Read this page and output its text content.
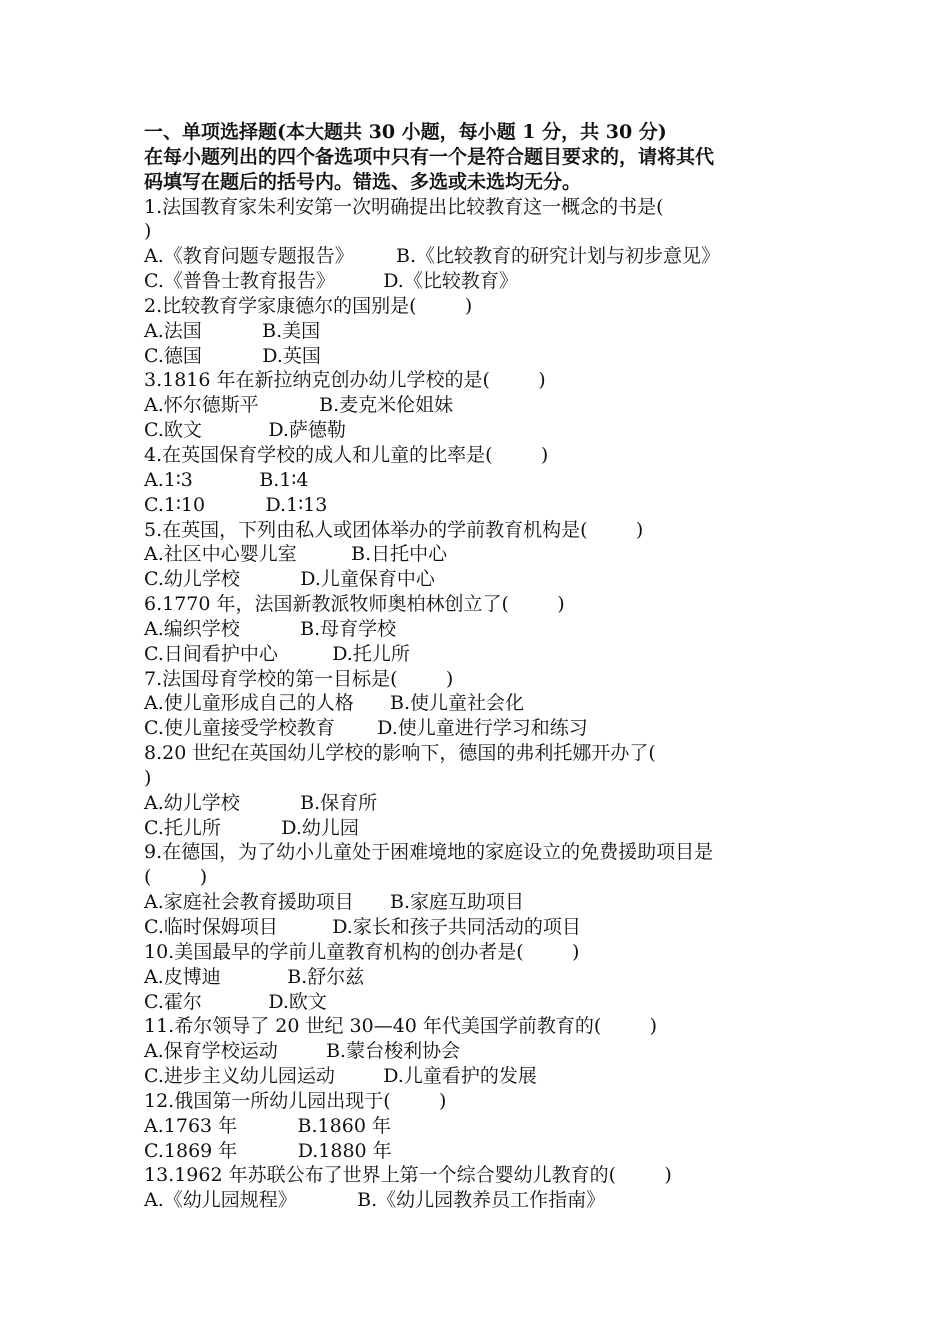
一、单项选择题(本大题共 30 小题，每小题 1 分，共 30 分)
在每小题列出的四个备选项中只有一个是符合题目要求的，请将其代
码填写在题后的括号内。错选、多选或未选均无分。
1.法国教育家朱利安第一次明确提出比较教育这一概念的书是(
)
A.《教育问题专题报告》       B.《比较教育的研究计划与初步意见》
C.《普鲁士教育报告》        D.《比较教育》
2.比较教育学家康德尔的国别是(        )
A.法国          B.美国
C.德国          D.英国
3.1816 年在新拉纳克创办幼儿学校的是(        )
A.怀尔德斯平          B.麦克米伦姐妹
C.欧文           D.萨德勒
4.在英国保育学校的成人和儿童的比率是(        )
A.1∶3           B.1∶4
C.1∶10          D.1∶13
5.在英国，下列由私人或团体举办的学前教育机构是(        )
A.社区中心婴儿室         B.日托中心
C.幼儿学校          D.儿童保育中心
6.1770 年，法国新教派牧师奥柏林创立了(        )
A.编织学校          B.母育学校
C.日间看护中心         D.托儿所
7.法国母育学校的第一目标是(        )
A.使儿童形成自己的人格      B.使儿童社会化
C.使儿童接受学校教育       D.使儿童进行学习和练习
8.20 世纪在英国幼儿学校的影响下，德国的弗利托娜开办了(
)
A.幼儿学校          B.保育所
C.托儿所          D.幼儿园
9.在德国，为了幼小儿童处于困难境地的家庭设立的免费援助项目是
(        )
A.家庭社会教育援助项目      B.家庭互助项目
C.临时保姆项目         D.家长和孩子共同活动的项目
10.美国最早的学前儿童教育机构的创办者是(        )
A.皮博迪           B.舒尔兹
C.霍尔           D.欧文
11.希尔领导了 20 世纪 30—40 年代美国学前教育的(        )
A.保育学校运动        B.蒙台梭利协会
C.进步主义幼儿园运动        D.儿童看护的发展
12.俄国第一所幼儿园出现于(        )
A.1763 年          B.1860 年
C.1869 年          D.1880 年
13.1962 年苏联公布了世界上第一个综合婴幼儿教育的(        )
A.《幼儿园规程》          B.《幼儿园教养员工作指南》
